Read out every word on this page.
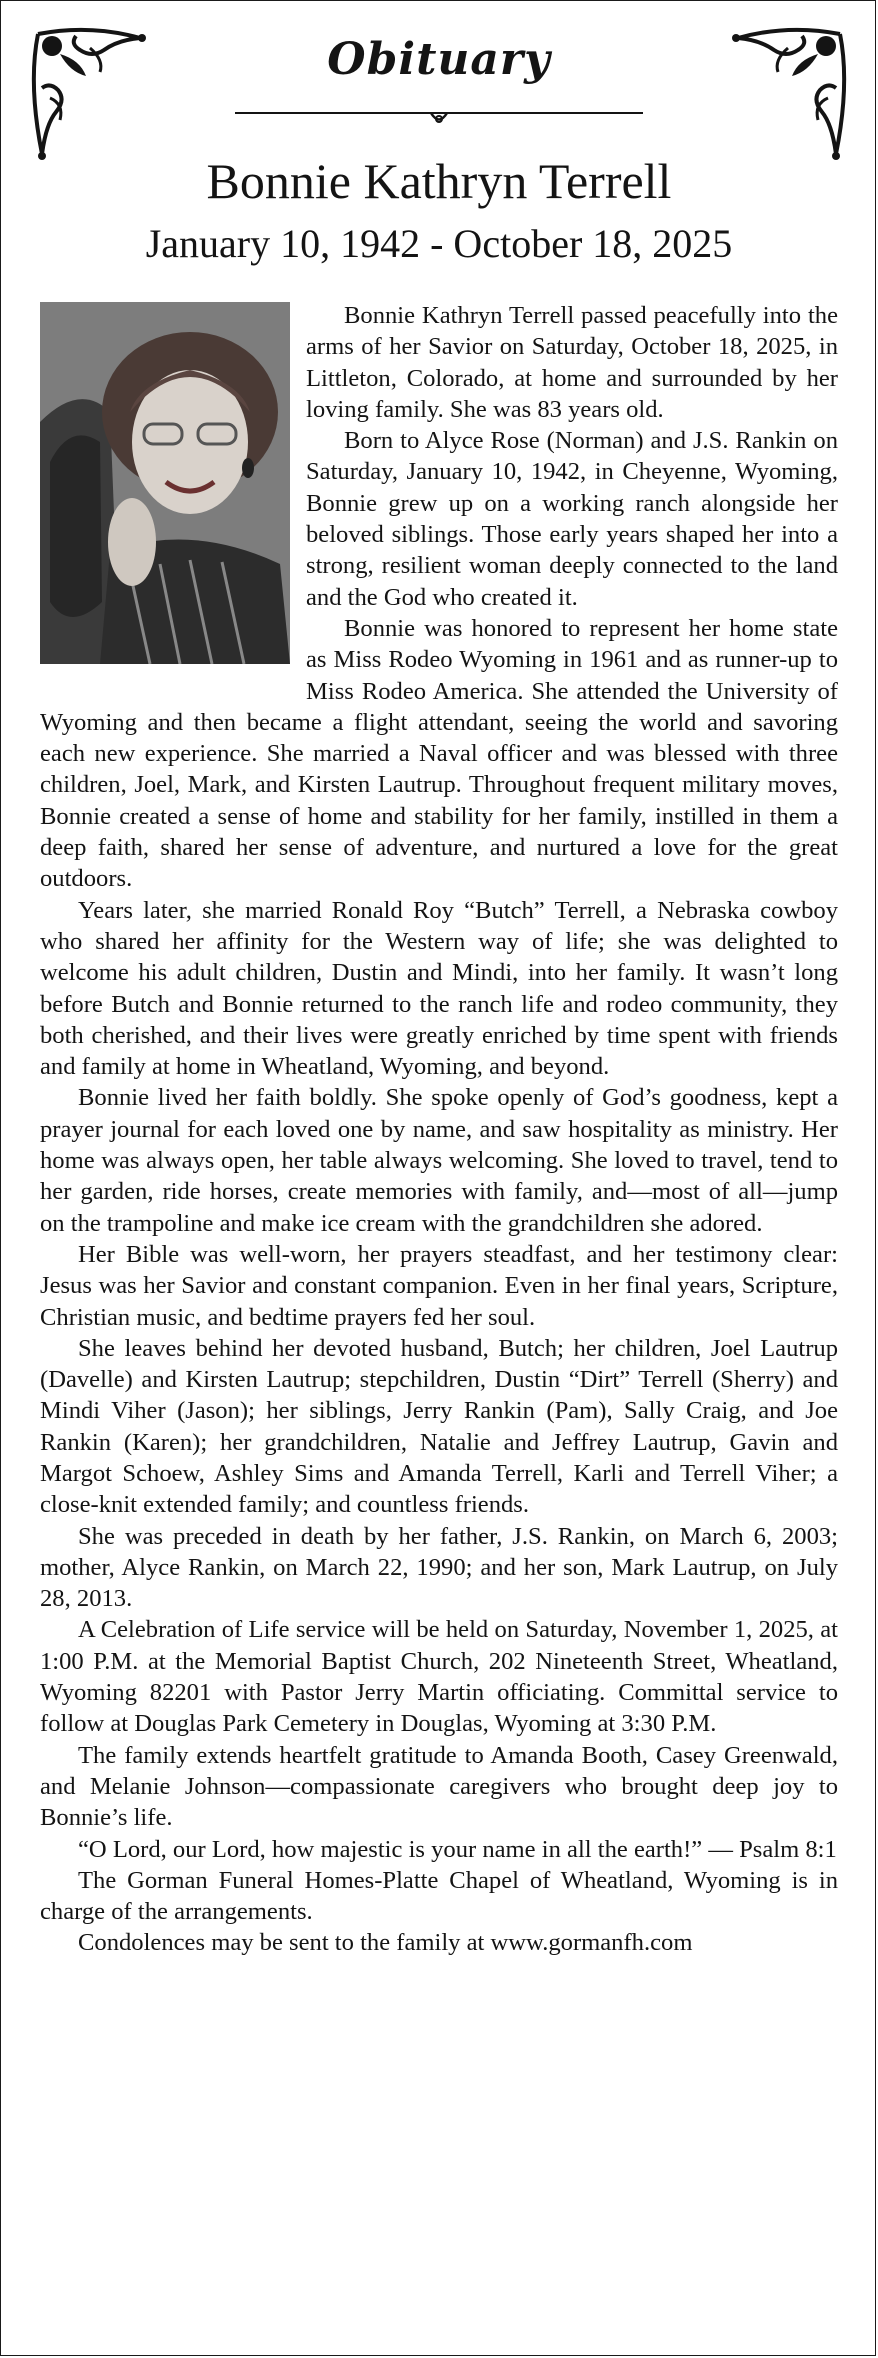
Obituary
Bonnie Kathryn Terrell
January 10, 1942 - October 18, 2025

Bonnie Kathryn Terrell passed peacefully into the arms of her Savior on Saturday, October 18, 2025, in Littleton, Colorado, at home and surrounded by her loving family. She was 83 years old.

Born to Alyce Rose (Norman) and J.S. Rankin on Saturday, January 10, 1942, in Cheyenne, Wyoming, Bonnie grew up on a working ranch alongside her beloved siblings. Those early years shaped her into a strong, resilient woman deeply connected to the land and the God who created it.

Bonnie was honored to represent her home state as Miss Rodeo Wyoming in 1961 and as runner-up to Miss Rodeo America. She attended the University of Wyoming and then became a flight attendant, seeing the world and savoring each new experience. She married a Naval officer and was blessed with three children, Joel, Mark, and Kirsten Lautrup. Throughout frequent military moves, Bonnie created a sense of home and stability for her family, instilled in them a deep faith, shared her sense of adventure, and nurtured a love for the great outdoors.

Years later, she married Ronald Roy “Butch” Terrell, a Nebraska cowboy who shared her affinity for the Western way of life; she was delighted to welcome his adult children, Dustin and Mindi, into her family. It wasn’t long before Butch and Bonnie returned to the ranch life and rodeo community, they both cherished, and their lives were greatly enriched by time spent with friends and family at home in Wheatland, Wyoming, and beyond.

Bonnie lived her faith boldly. She spoke openly of God’s goodness, kept a prayer journal for each loved one by name, and saw hospitality as ministry. Her home was always open, her table always welcoming. She loved to travel, tend to her garden, ride horses, create memories with family, and—most of all—jump on the trampoline and make ice cream with the grandchildren she adored.

Her Bible was well-worn, her prayers steadfast, and her testimony clear: Jesus was her Savior and constant companion. Even in her final years, Scripture, Christian music, and bedtime prayers fed her soul.

She leaves behind her devoted husband, Butch; her children, Joel Lautrup (Davelle) and Kirsten Lautrup; stepchildren, Dustin “Dirt” Terrell (Sherry) and Mindi Viher (Jason); her siblings, Jerry Rankin (Pam), Sally Craig, and Joe Rankin (Karen); her grandchildren, Natalie and Jeffrey Lautrup, Gavin and Margot Schoew, Ashley Sims and Amanda Terrell, Karli and Terrell Viher; a close-knit extended family; and countless friends.

She was preceded in death by her father, J.S. Rankin, on March 6, 2003; mother, Alyce Rankin, on March 22, 1990; and her son, Mark Lautrup, on July 28, 2013.

A Celebration of Life service will be held on Saturday, November 1, 2025, at 1:00 P.M. at the Memorial Baptist Church, 202 Nineteenth Street, Wheatland, Wyoming 82201 with Pastor Jerry Martin officiating. Committal service to follow at Douglas Park Cemetery in Douglas, Wyoming at 3:30 P.M.

The family extends heartfelt gratitude to Amanda Booth, Casey Greenwald, and Melanie Johnson—compassionate caregivers who brought deep joy to Bonnie’s life.

“O Lord, our Lord, how majestic is your name in all the earth!” — Psalm 8:1

The Gorman Funeral Homes-Platte Chapel of Wheatland, Wyoming is in charge of the arrangements.

Condolences may be sent to the family at www.gormanfh.com
